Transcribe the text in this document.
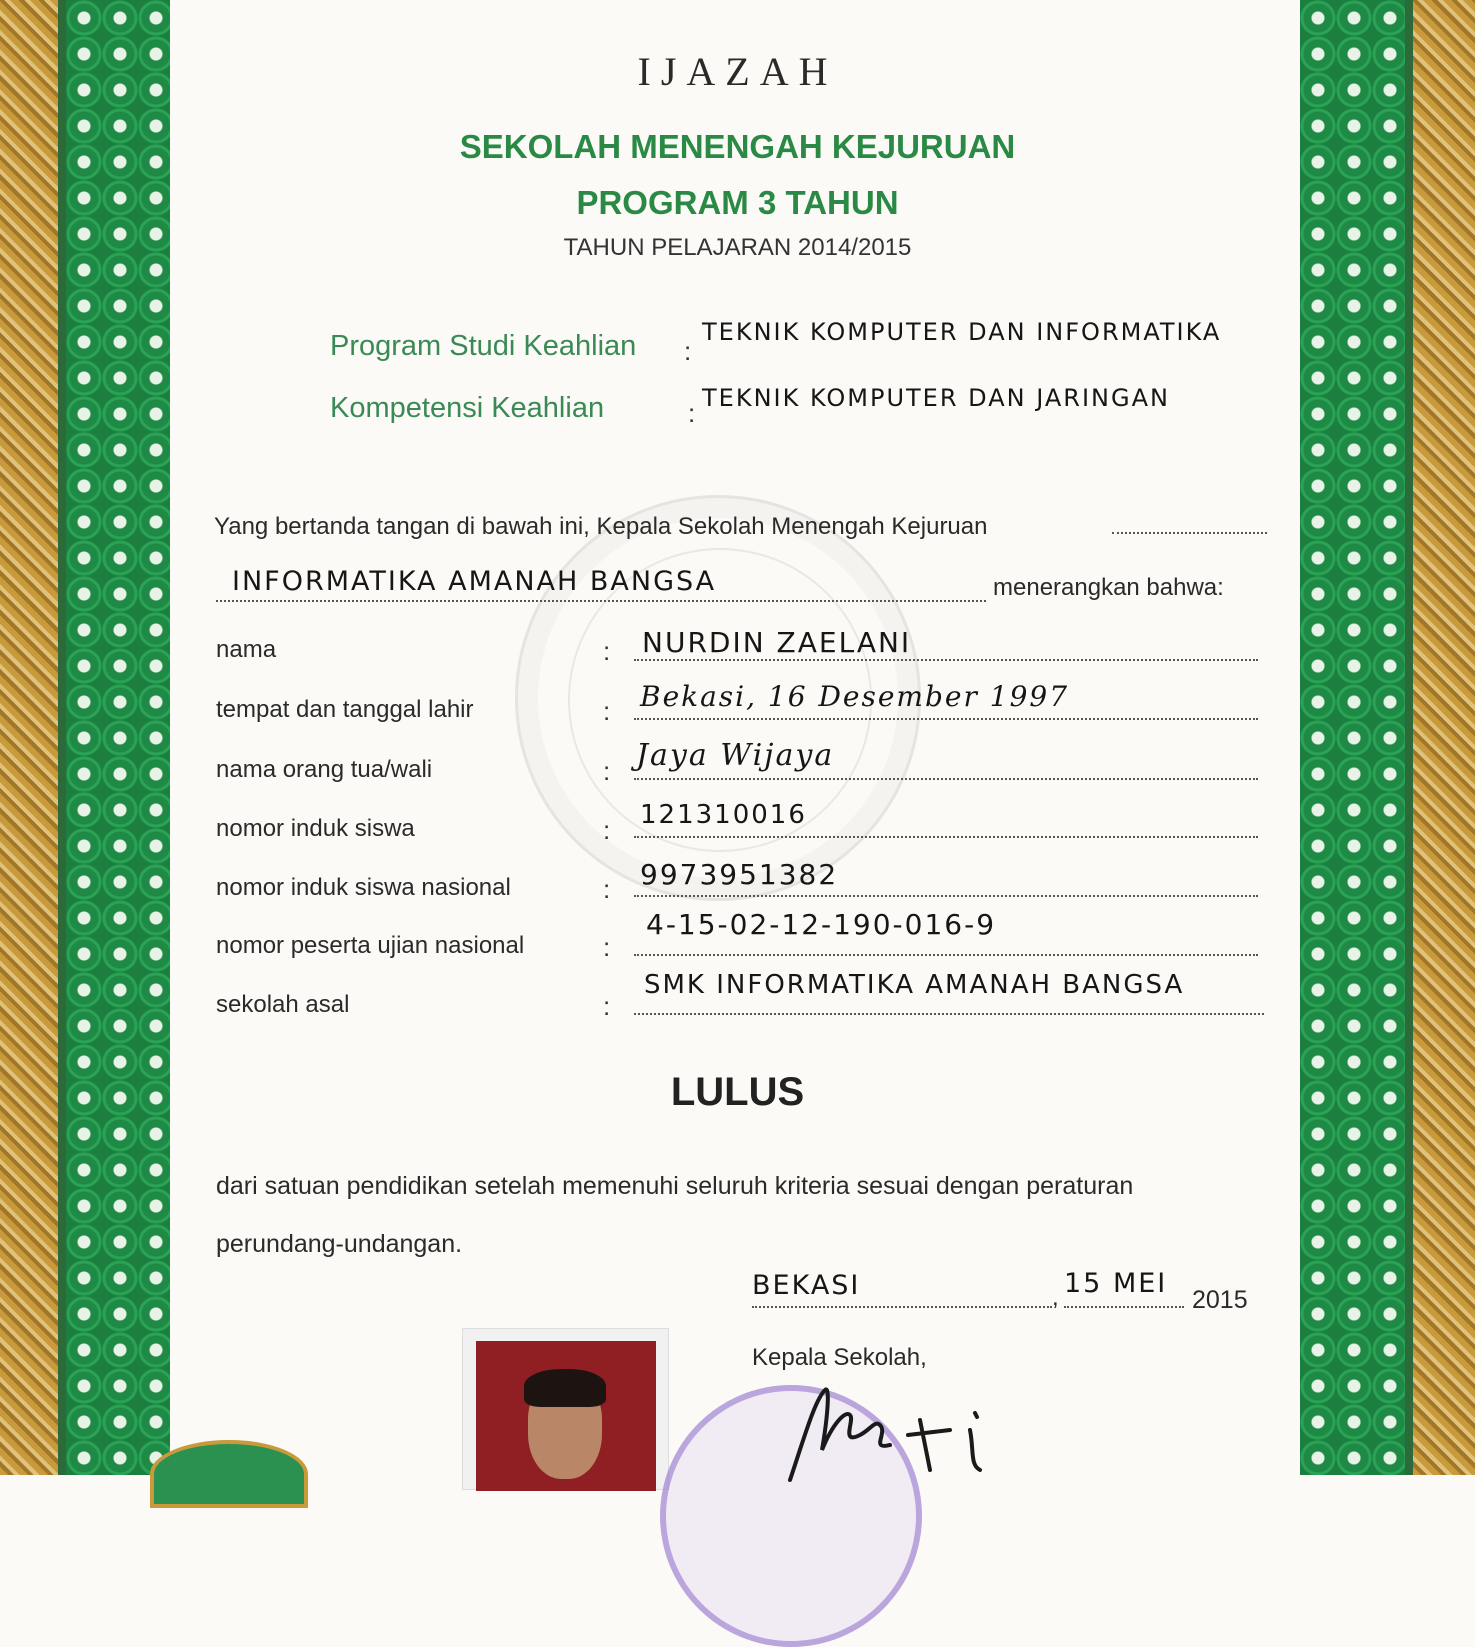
IJAZAH
SEKOLAH MENENGAH KEJURUAN
PROGRAM 3 TAHUN
TAHUN PELAJARAN 2014/2015
Program Studi Keahlian :
TEKNIK KOMPUTER DAN INFORMATIKA
Kompetensi Keahlian	: TEKNIK KOMPUTER DAN JARINGAN
Yang bertanda tangan di bawah ini, Kepala Sekolah Menengah Kejuruan
INFORMATIKA AMANAH BANGSA	menerangkan bahwa:
nama	: NURDIN ZAELANI
tempat dan tanggal lahir	: Bekasi, 16 Desember 1997
nama orang tua/wali	: Jaya Wijaya
nomor induk siswa	: 121310016
nomor induk siswa nasional	: 9973951382
nomor peserta ujian nasional	:
4-15-02-12-190-016-9
sekolah asal	:
SMK INFORMATIKA AMANAH BANGSA
LULUS
dari satuan pendidikan setelah memenuhi seluruh kriteria sesuai dengan peraturan
perundang-undangan.
BEKASI	, 15 MEI
2015
Kepala Sekolah,
